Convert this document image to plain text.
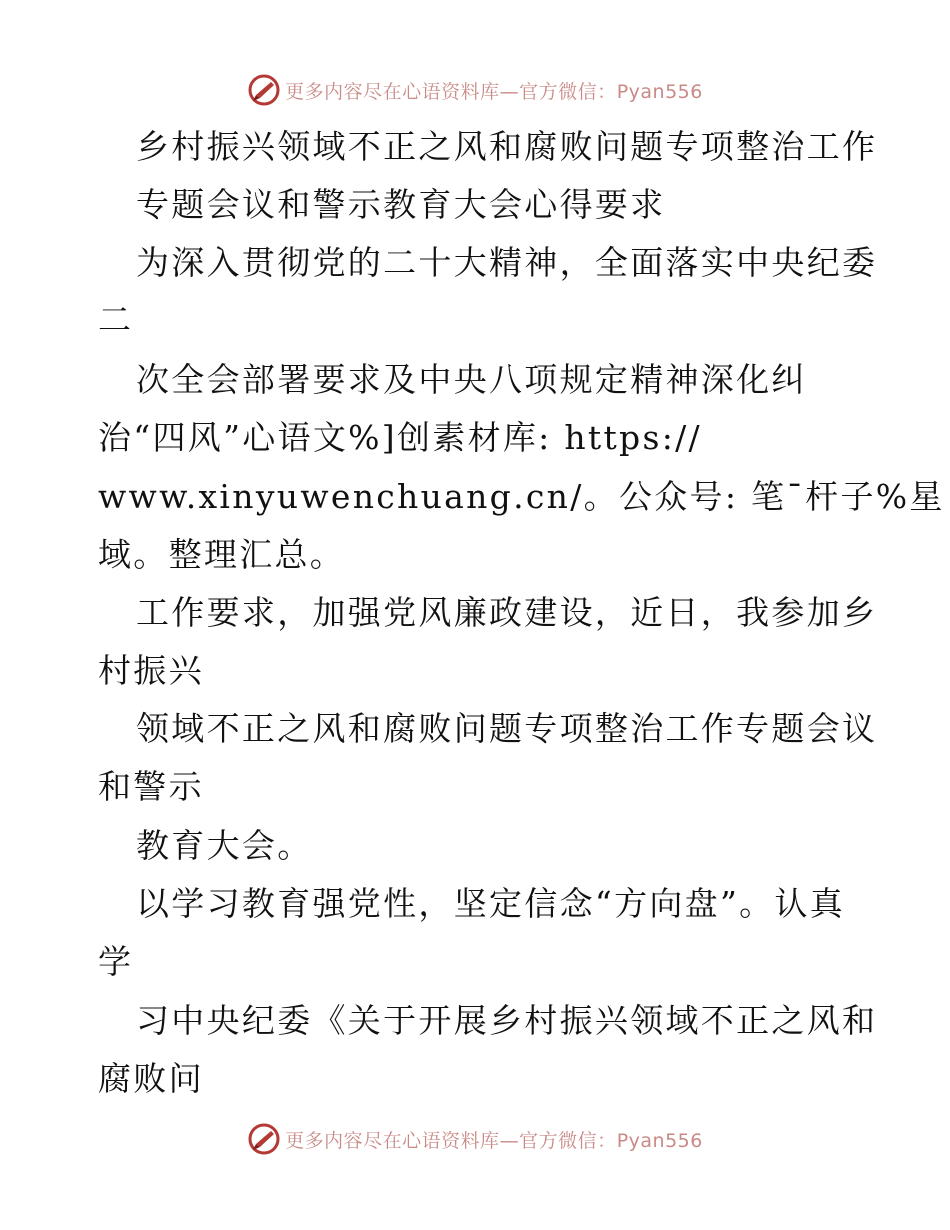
更多内容尽在心语资料库—官方微信：Pyan556
乡村振兴领域不正之风和腐败问题专项整治工作
专题会议和警示教育大会心得要求
为深入贯彻党的二十大精神，全面落实中央纪委
二
次全会部署要求及中央八项规定精神深化纠
治“四风”心语文%]创素材库: https://
www.xinyuwenchuang.cn/。公众号: 笔¯杆子%星
域。整理汇总。
工作要求，加强党风廉政建设，近日，我参加乡
村振兴
领域不正之风和腐败问题专项整治工作专题会议
和警示
教育大会。
以学习教育强党性，坚定信念“方向盘”。认真
学
习中央纪委《关于开展乡村振兴领域不正之风和
腐败问
更多内容尽在心语资料库—官方微信：Pyan556
